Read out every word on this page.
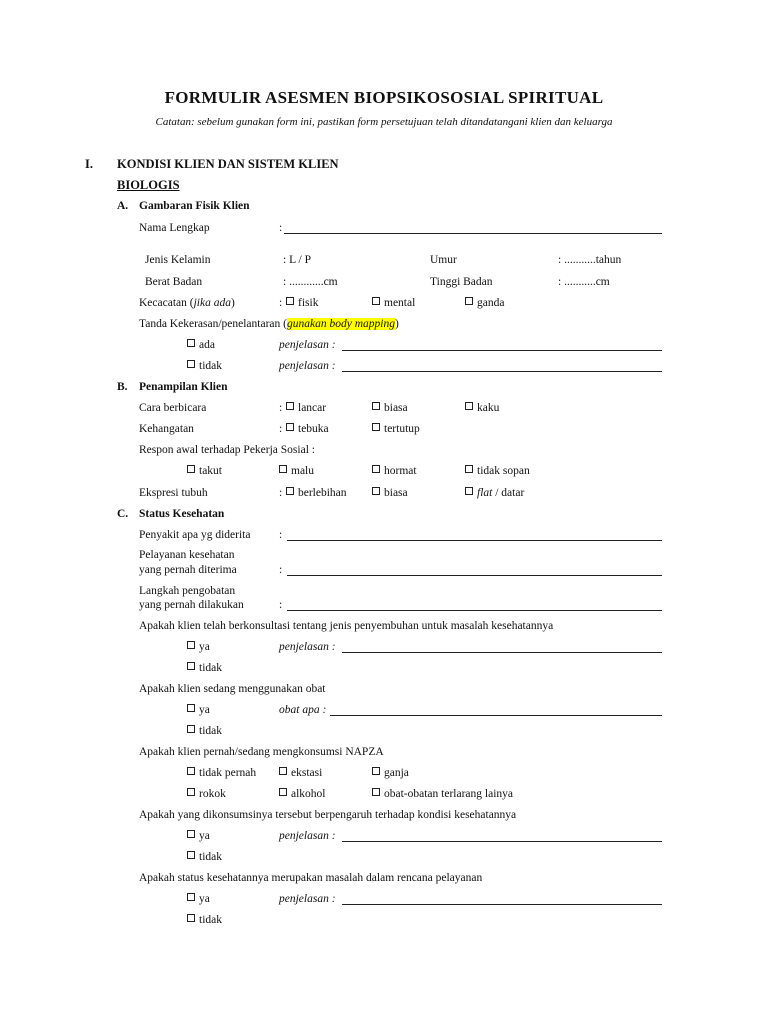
FORMULIR ASESMEN BIOPSIKOSOSIAL SPIRITUAL
Catatan: sebelum gunakan form ini, pastikan form persetujuan telah ditandatangani klien dan keluarga
I. KONDISI KLIEN DAN SISTEM KLIEN
BIOLOGIS
A. Gambaran Fisik Klien
Nama Lengkap	:
Jenis Kelamin	: L / P	Umur	: ...........tahun
Berat Badan	: ............cm	Tinggi Badan	: ...........cm
Kecacatan (jika ada)	:	fisik	mental	ganda
Tanda Kekerasan/penelantaran (gunakan body mapping)
ada	penjelasan :
tidak	penjelasan :
B. Penampilan Klien
Cara berbicara	:	lancar	biasa	kaku
Kehangatan	:	tebuka	tertutup
Respon awal terhadap Pekerja Sosial :
takut	malu	hormat	tidak sopan
Ekspresi tubuh	:	berlebihan	biasa	flat / datar
C. Status Kesehatan
Penyakit apa yg diderita :
Pelayanan kesehatan
yang pernah diterima	:
Langkah pengobatan
yang pernah dilakukan	:
Apakah klien telah berkonsultasi tentang jenis penyembuhan untuk masalah kesehatannya
ya	penjelasan :
tidak
Apakah klien sedang menggunakan obat
ya	obat apa :
tidak
Apakah klien pernah/sedang mengkonsumsi NAPZA
tidak pernah	ekstasi	ganja
rokok	alkohol	obat-obatan terlarang lainya
Apakah yang dikonsumsinya tersebut berpengaruh terhadap kondisi kesehatannya
ya	penjelasan :
tidak
Apakah status kesehatannya merupakan masalah dalam rencana pelayanan
ya	penjelasan :
tidak
